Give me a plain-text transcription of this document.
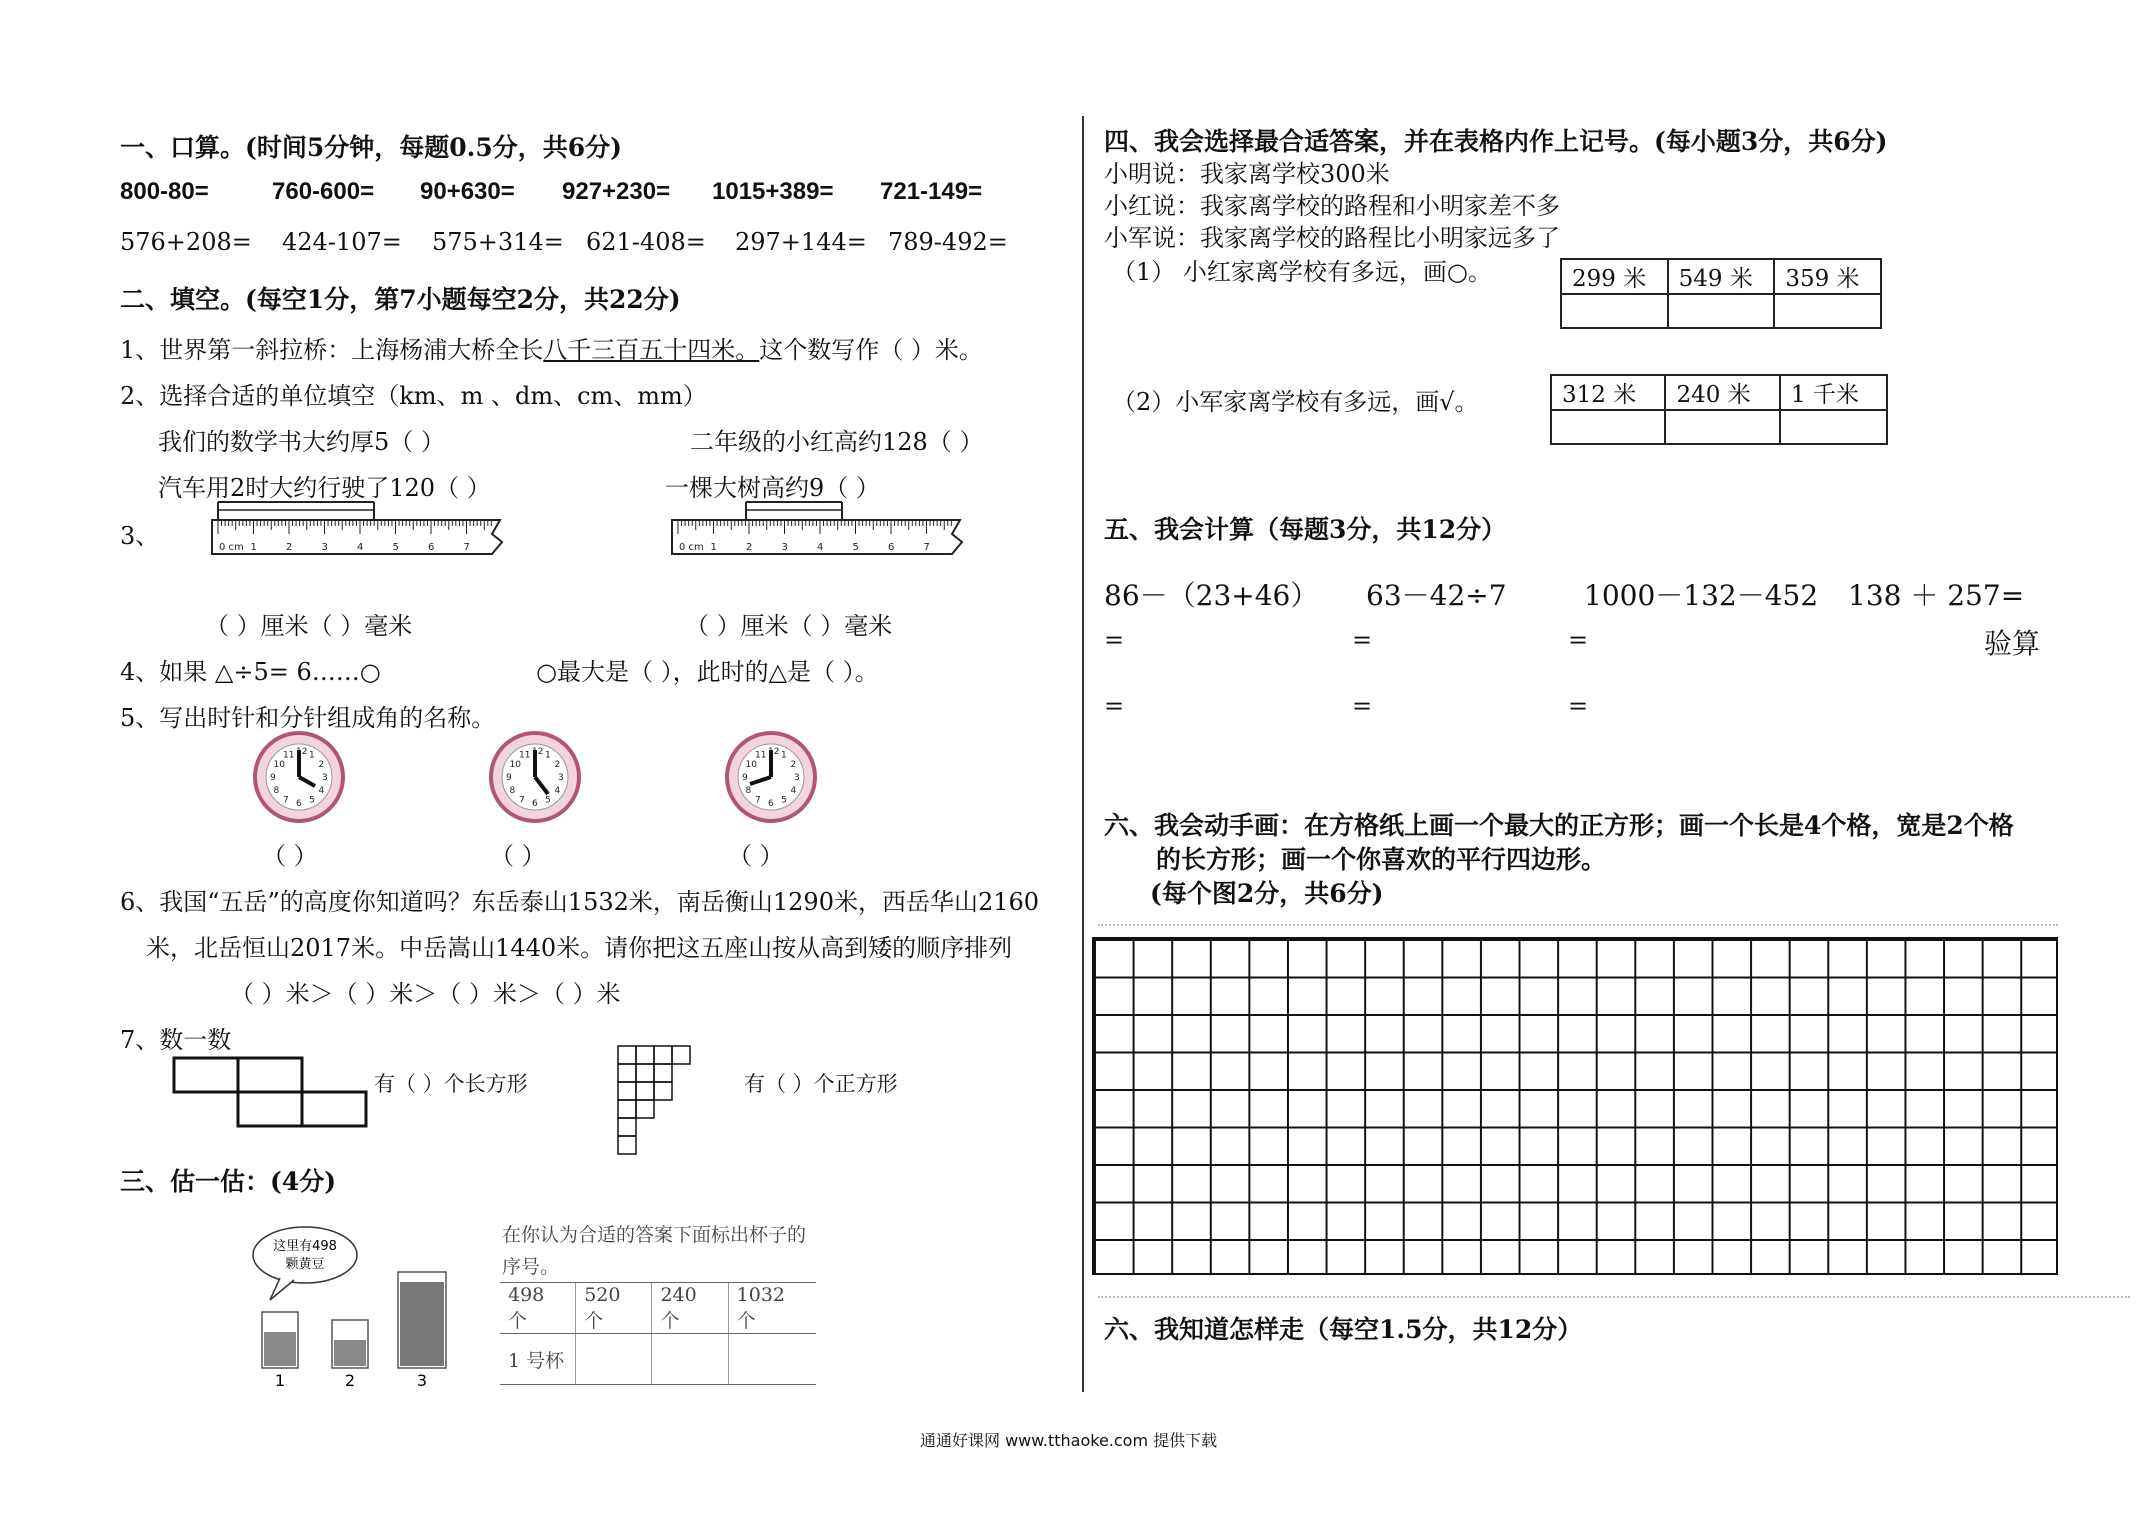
一、口算。(时间5分钟，每题0.5分，共6分)
800-80=	760-600= 90+630= 927+230= 1015+389= 721-149=
576+208= 424-107= 575+314= 621-408= 297+144= 789-492=
二、填空。(每空1分，第7小题每空2分，共22分)
1、世界第一斜拉桥：上海杨浦大桥全长八千三百五十四米。这个数写作（ ）米。
2、选择合适的单位填空（km、m 、dm、cm、mm）
我们的数学书大约厚5（ ）	二年级的小红高约128（ ）
汽车用2时大约行驶了120（ ）	一棵大树高约9（ ）
3、	0 cm 1	2	3	4	5	6	7	0 cm 1	2	3	4	5	6	7
（ ）厘米（ ）毫米	（ ）厘米（ ）毫米
4、如果 △÷5= 6……○	○最大是（ ），此时的△是（ ）。
5、写出时针和分针组成角的名称。
1
2
3
4
5
6
7
8
9
10
11 12	1
2
3
4
5
6
7
8
9
10
11 12	1
2
3
4
5
6
7
8
9
10
11 12
（ ）	（ ）	（ ）
6、我国“五岳”的高度你知道吗？东岳泰山1532米，南岳衡山1290米，西岳华山2160
米，北岳恒山2017米。中岳嵩山1440米。请你把这五座山按从高到矮的顺序排列
（ ）米＞（ ）米＞（ ）米＞（ ）米
7、数一数
有（ ）个长方形	有（ ）个正方形
三、估一估：(4分)
这里有498
颗黄豆
1	2	3
在你认为合适的答案下面标出杯子的
序号。
498 个	520 个	240 个	1032 个
1 号杯			
四、我会选择最合适答案，并在表格内作上记号。(每小题3分，共6分)
小明说：我家离学校300米
小红说：我家离学校的路程和小明家差不多
小军说：我家离学校的路程比小明家远多了
（1） 小红家离学校有多远，画○。	299 米	549 米	359 米

（2）小军家离学校有多远，画√。	312 米	240 米	1 千米

五、我会计算（每题3分，共12分）
86－（23+46） 63－42÷7	1000－132－452 138 ＋ 257=
=	=	=	验算
=	=	=
六、我会动手画：在方格纸上画一个最大的正方形；画一个长是4个格，宽是2个格
的长方形；画一个你喜欢的平行四边形。
(每个图2分，共6分)
六、我知道怎样走（每空1.5分，共12分）
通通好课网 www.tthaoke.com 提供下载
